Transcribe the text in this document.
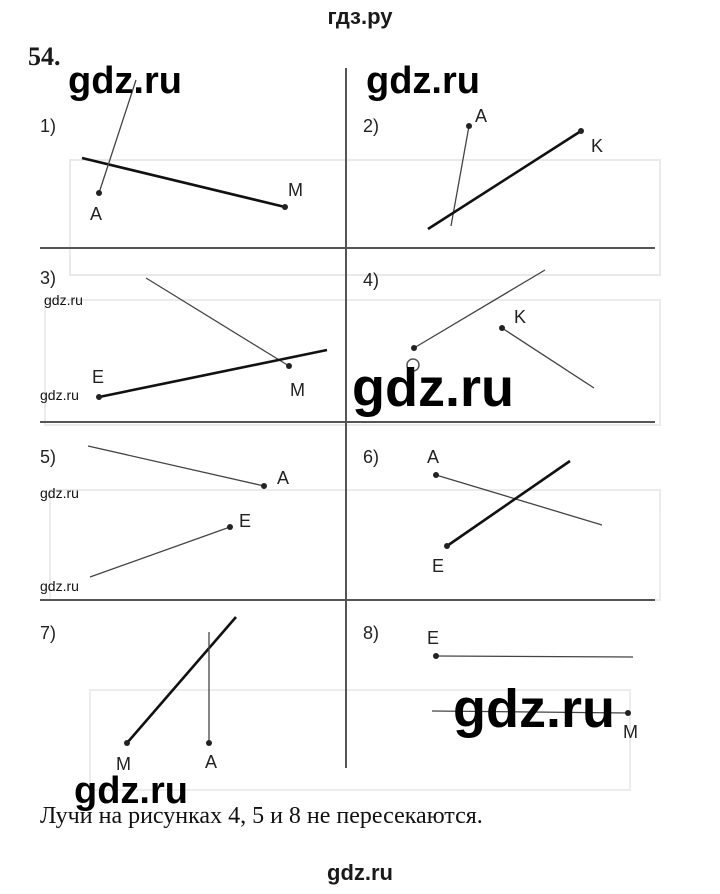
гдз.ру
54.
1)	2)
3)	4)
5)	6)
7)	8)
A
M
A
K
E
M
K
A
E
A
E
M	A
E
M
gdz.ru	gdz.ru
gdz.ru
gdz.ru
gdz.ru
gdz.ru
gdz.ru
gdz.ru
gdz.ru
Лучи на рисунках 4, 5 и 8 не пересекаются.
gdz.ru
